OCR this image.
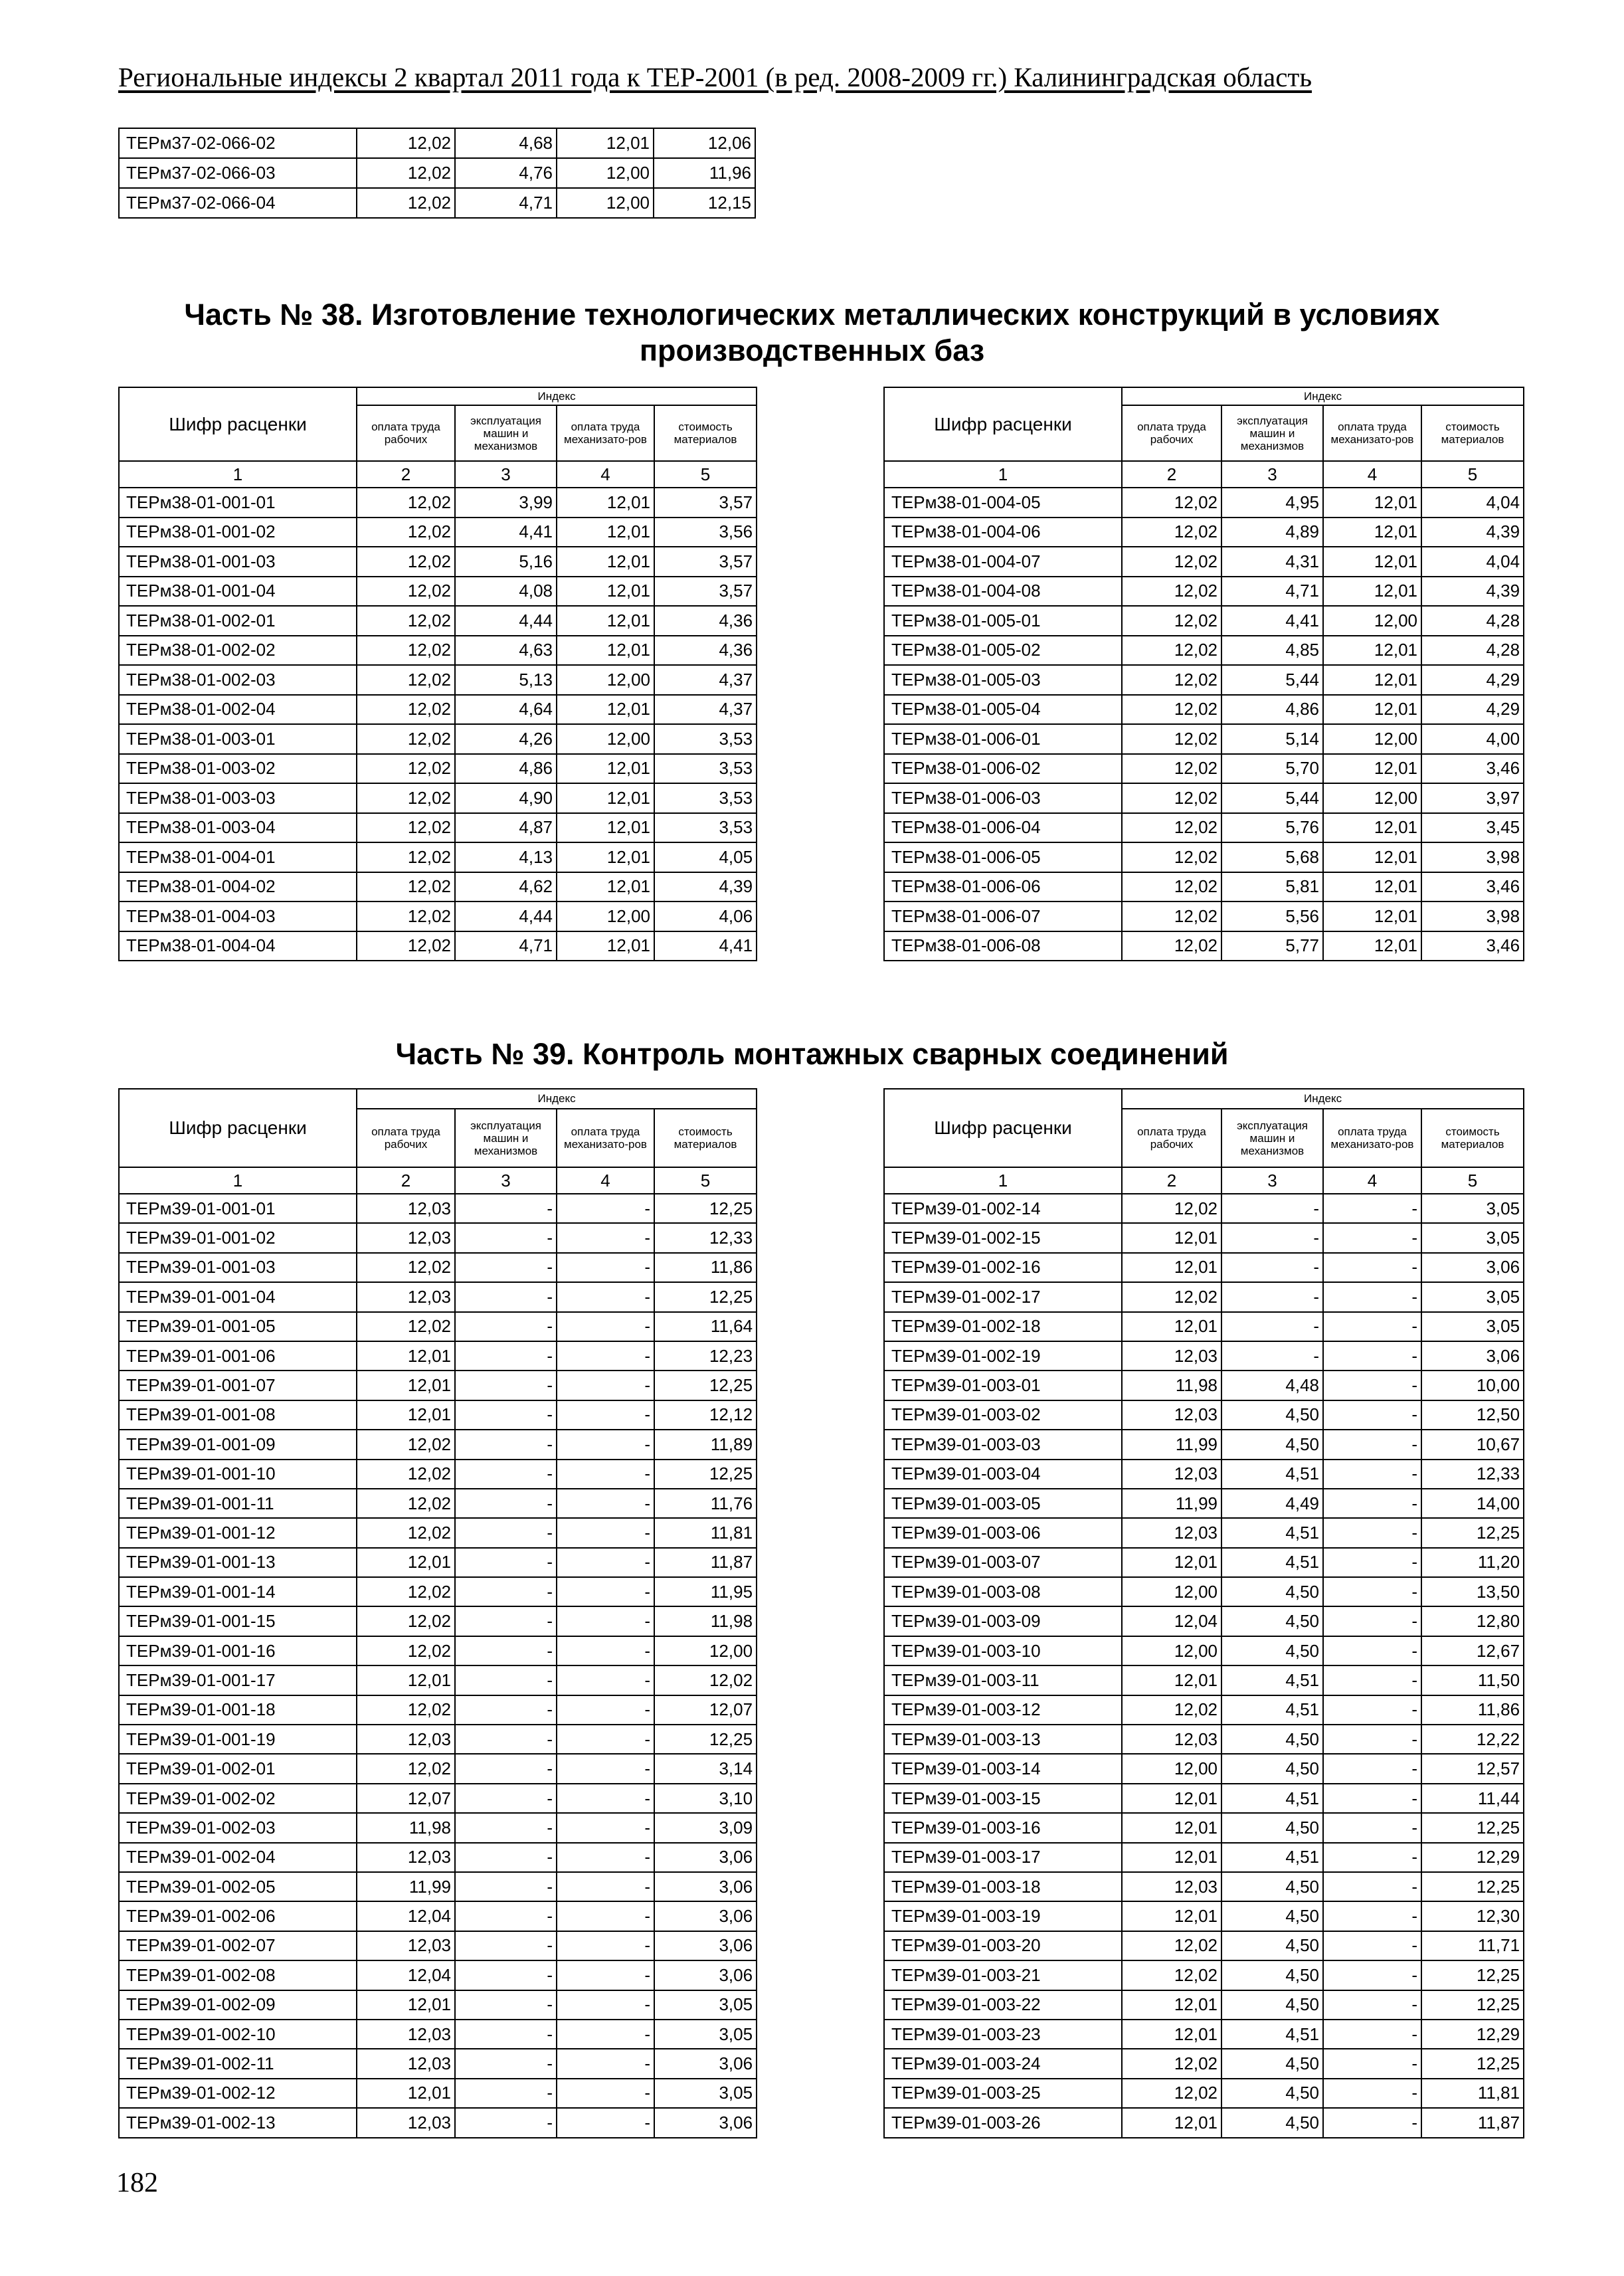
Региональные индексы 2 квартал 2011 года к ТЕР-2001 (в ред. 2008-2009 гг.) Калининградская область
ТЕРм37-02-066-02	12,02	4,68	12,01	12,06
ТЕРм37-02-066-03	12,02	4,76	12,00	11,96
ТЕРм37-02-066-04	12,02	4,71	12,00	12,15
Часть № 38. Изготовление технологических металлических конструкций в условиях
производственных баз
Шифр расценки	Индекс			
	оплата труда рабочих	эксплуатация машин и механизмов	оплата труда механизато-ров	стоимость материалов
1	2	3	4	5
ТЕРм38-01-001-01	12,02	3,99	12,01	3,57
ТЕРм38-01-001-02	12,02	4,41	12,01	3,56
ТЕРм38-01-001-03	12,02	5,16	12,01	3,57
ТЕРм38-01-001-04	12,02	4,08	12,01	3,57
ТЕРм38-01-002-01	12,02	4,44	12,01	4,36
ТЕРм38-01-002-02	12,02	4,63	12,01	4,36
ТЕРм38-01-002-03	12,02	5,13	12,00	4,37
ТЕРм38-01-002-04	12,02	4,64	12,01	4,37
ТЕРм38-01-003-01	12,02	4,26	12,00	3,53
ТЕРм38-01-003-02	12,02	4,86	12,01	3,53
ТЕРм38-01-003-03	12,02	4,90	12,01	3,53
ТЕРм38-01-003-04	12,02	4,87	12,01	3,53
ТЕРм38-01-004-01	12,02	4,13	12,01	4,05
ТЕРм38-01-004-02	12,02	4,62	12,01	4,39
ТЕРм38-01-004-03	12,02	4,44	12,00	4,06
ТЕРм38-01-004-04	12,02	4,71	12,01	4,41
Шифр расценки	Индекс			
	оплата труда рабочих	эксплуатация машин и механизмов	оплата труда механизато-ров	стоимость материалов
1	2	3	4	5
ТЕРм38-01-004-05	12,02	4,95	12,01	4,04
ТЕРм38-01-004-06	12,02	4,89	12,01	4,39
ТЕРм38-01-004-07	12,02	4,31	12,01	4,04
ТЕРм38-01-004-08	12,02	4,71	12,01	4,39
ТЕРм38-01-005-01	12,02	4,41	12,00	4,28
ТЕРм38-01-005-02	12,02	4,85	12,01	4,28
ТЕРм38-01-005-03	12,02	5,44	12,01	4,29
ТЕРм38-01-005-04	12,02	4,86	12,01	4,29
ТЕРм38-01-006-01	12,02	5,14	12,00	4,00
ТЕРм38-01-006-02	12,02	5,70	12,01	3,46
ТЕРм38-01-006-03	12,02	5,44	12,00	3,97
ТЕРм38-01-006-04	12,02	5,76	12,01	3,45
ТЕРм38-01-006-05	12,02	5,68	12,01	3,98
ТЕРм38-01-006-06	12,02	5,81	12,01	3,46
ТЕРм38-01-006-07	12,02	5,56	12,01	3,98
ТЕРм38-01-006-08	12,02	5,77	12,01	3,46
Часть № 39. Контроль монтажных сварных соединений
Шифр расценки	Индекс			
	оплата труда рабочих	эксплуатация машин и механизмов	оплата труда механизато-ров	стоимость материалов
1	2	3	4	5
ТЕРм39-01-001-01	12,03	-	-	12,25
ТЕРм39-01-001-02	12,03	-	-	12,33
ТЕРм39-01-001-03	12,02	-	-	11,86
ТЕРм39-01-001-04	12,03	-	-	12,25
ТЕРм39-01-001-05	12,02	-	-	11,64
ТЕРм39-01-001-06	12,01	-	-	12,23
ТЕРм39-01-001-07	12,01	-	-	12,25
ТЕРм39-01-001-08	12,01	-	-	12,12
ТЕРм39-01-001-09	12,02	-	-	11,89
ТЕРм39-01-001-10	12,02	-	-	12,25
ТЕРм39-01-001-11	12,02	-	-	11,76
ТЕРм39-01-001-12	12,02	-	-	11,81
ТЕРм39-01-001-13	12,01	-	-	11,87
ТЕРм39-01-001-14	12,02	-	-	11,95
ТЕРм39-01-001-15	12,02	-	-	11,98
ТЕРм39-01-001-16	12,02	-	-	12,00
ТЕРм39-01-001-17	12,01	-	-	12,02
ТЕРм39-01-001-18	12,02	-	-	12,07
ТЕРм39-01-001-19	12,03	-	-	12,25
ТЕРм39-01-002-01	12,02	-	-	3,14
ТЕРм39-01-002-02	12,07	-	-	3,10
ТЕРм39-01-002-03	11,98	-	-	3,09
ТЕРм39-01-002-04	12,03	-	-	3,06
ТЕРм39-01-002-05	11,99	-	-	3,06
ТЕРм39-01-002-06	12,04	-	-	3,06
ТЕРм39-01-002-07	12,03	-	-	3,06
ТЕРм39-01-002-08	12,04	-	-	3,06
ТЕРм39-01-002-09	12,01	-	-	3,05
ТЕРм39-01-002-10	12,03	-	-	3,05
ТЕРм39-01-002-11	12,03	-	-	3,06
ТЕРм39-01-002-12	12,01	-	-	3,05
ТЕРм39-01-002-13	12,03	-	-	3,06
Шифр расценки	Индекс			
	оплата труда рабочих	эксплуатация машин и механизмов	оплата труда механизато-ров	стоимость материалов
1	2	3	4	5
ТЕРм39-01-002-14	12,02	-	-	3,05
ТЕРм39-01-002-15	12,01	-	-	3,05
ТЕРм39-01-002-16	12,01	-	-	3,06
ТЕРм39-01-002-17	12,02	-	-	3,05
ТЕРм39-01-002-18	12,01	-	-	3,05
ТЕРм39-01-002-19	12,03	-	-	3,06
ТЕРм39-01-003-01	11,98	4,48	-	10,00
ТЕРм39-01-003-02	12,03	4,50	-	12,50
ТЕРм39-01-003-03	11,99	4,50	-	10,67
ТЕРм39-01-003-04	12,03	4,51	-	12,33
ТЕРм39-01-003-05	11,99	4,49	-	14,00
ТЕРм39-01-003-06	12,03	4,51	-	12,25
ТЕРм39-01-003-07	12,01	4,51	-	11,20
ТЕРм39-01-003-08	12,00	4,50	-	13,50
ТЕРм39-01-003-09	12,04	4,50	-	12,80
ТЕРм39-01-003-10	12,00	4,50	-	12,67
ТЕРм39-01-003-11	12,01	4,51	-	11,50
ТЕРм39-01-003-12	12,02	4,51	-	11,86
ТЕРм39-01-003-13	12,03	4,50	-	12,22
ТЕРм39-01-003-14	12,00	4,50	-	12,57
ТЕРм39-01-003-15	12,01	4,51	-	11,44
ТЕРм39-01-003-16	12,01	4,50	-	12,25
ТЕРм39-01-003-17	12,01	4,51	-	12,29
ТЕРм39-01-003-18	12,03	4,50	-	12,25
ТЕРм39-01-003-19	12,01	4,50	-	12,30
ТЕРм39-01-003-20	12,02	4,50	-	11,71
ТЕРм39-01-003-21	12,02	4,50	-	12,25
ТЕРм39-01-003-22	12,01	4,50	-	12,25
ТЕРм39-01-003-23	12,01	4,51	-	12,29
ТЕРм39-01-003-24	12,02	4,50	-	12,25
ТЕРм39-01-003-25	12,02	4,50	-	11,81
ТЕРм39-01-003-26	12,01	4,50	-	11,87
182
